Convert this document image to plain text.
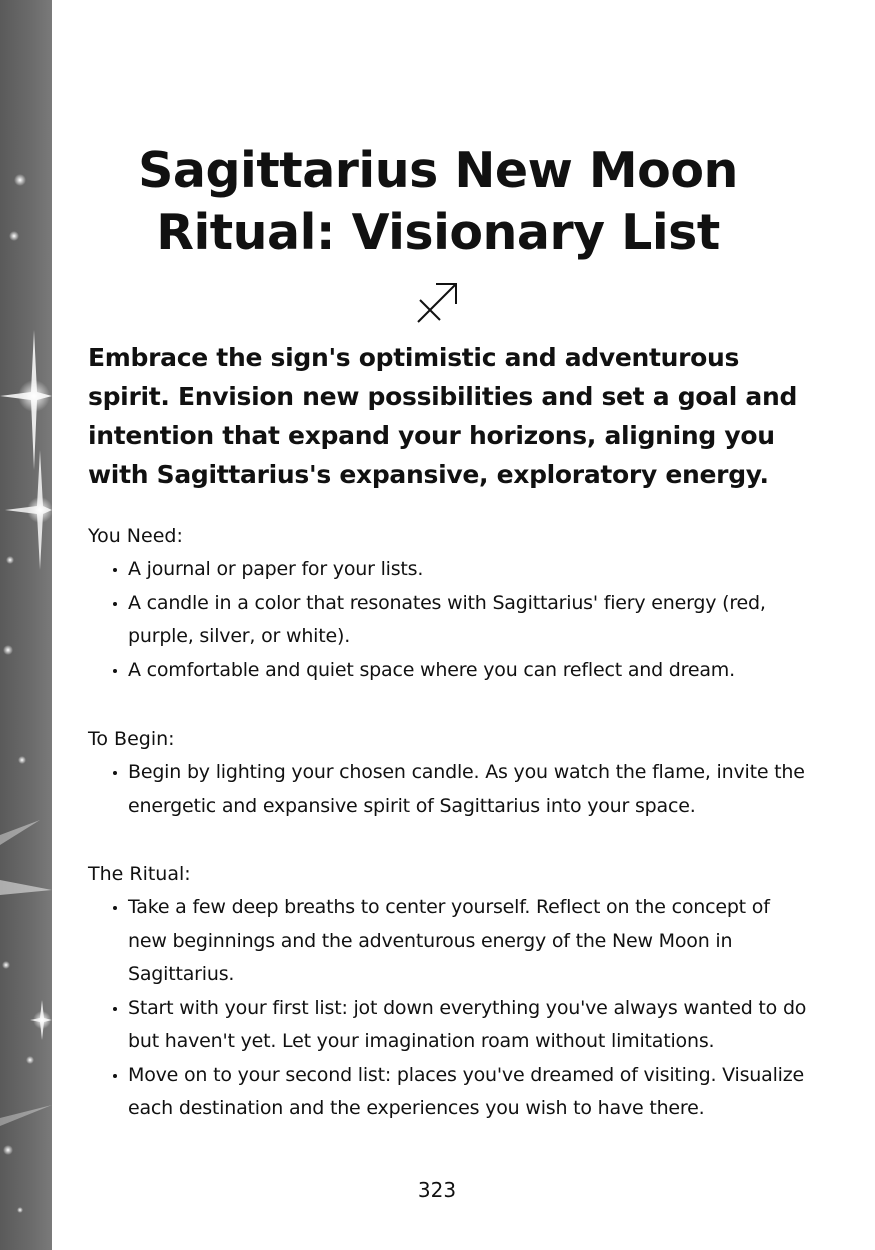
Sagittarius New Moon
Ritual: Visionary List

Embrace the sign's optimistic and adventurous spirit. Envision new possibilities and set a goal and intention that expand your horizons, aligning you with Sagittarius's expansive, exploratory energy.

You Need:

A journal or paper for your lists.
A candle in a color that resonates with Sagittarius' fiery energy (red, purple, silver, or white).
A comfortable and quiet space where you can reflect and dream.

To Begin:

Begin by lighting your chosen candle. As you watch the flame, invite the energetic and expansive spirit of Sagittarius into your space.

The Ritual:

Take a few deep breaths to center yourself. Reflect on the concept of new beginnings and the adventurous energy of the New Moon in Sagittarius.
Start with your first list: jot down everything you've always wanted to do but haven't yet. Let your imagination roam without limitations.
Move on to your second list: places you've dreamed of visiting. Visualize each destination and the experiences you wish to have there.
323
